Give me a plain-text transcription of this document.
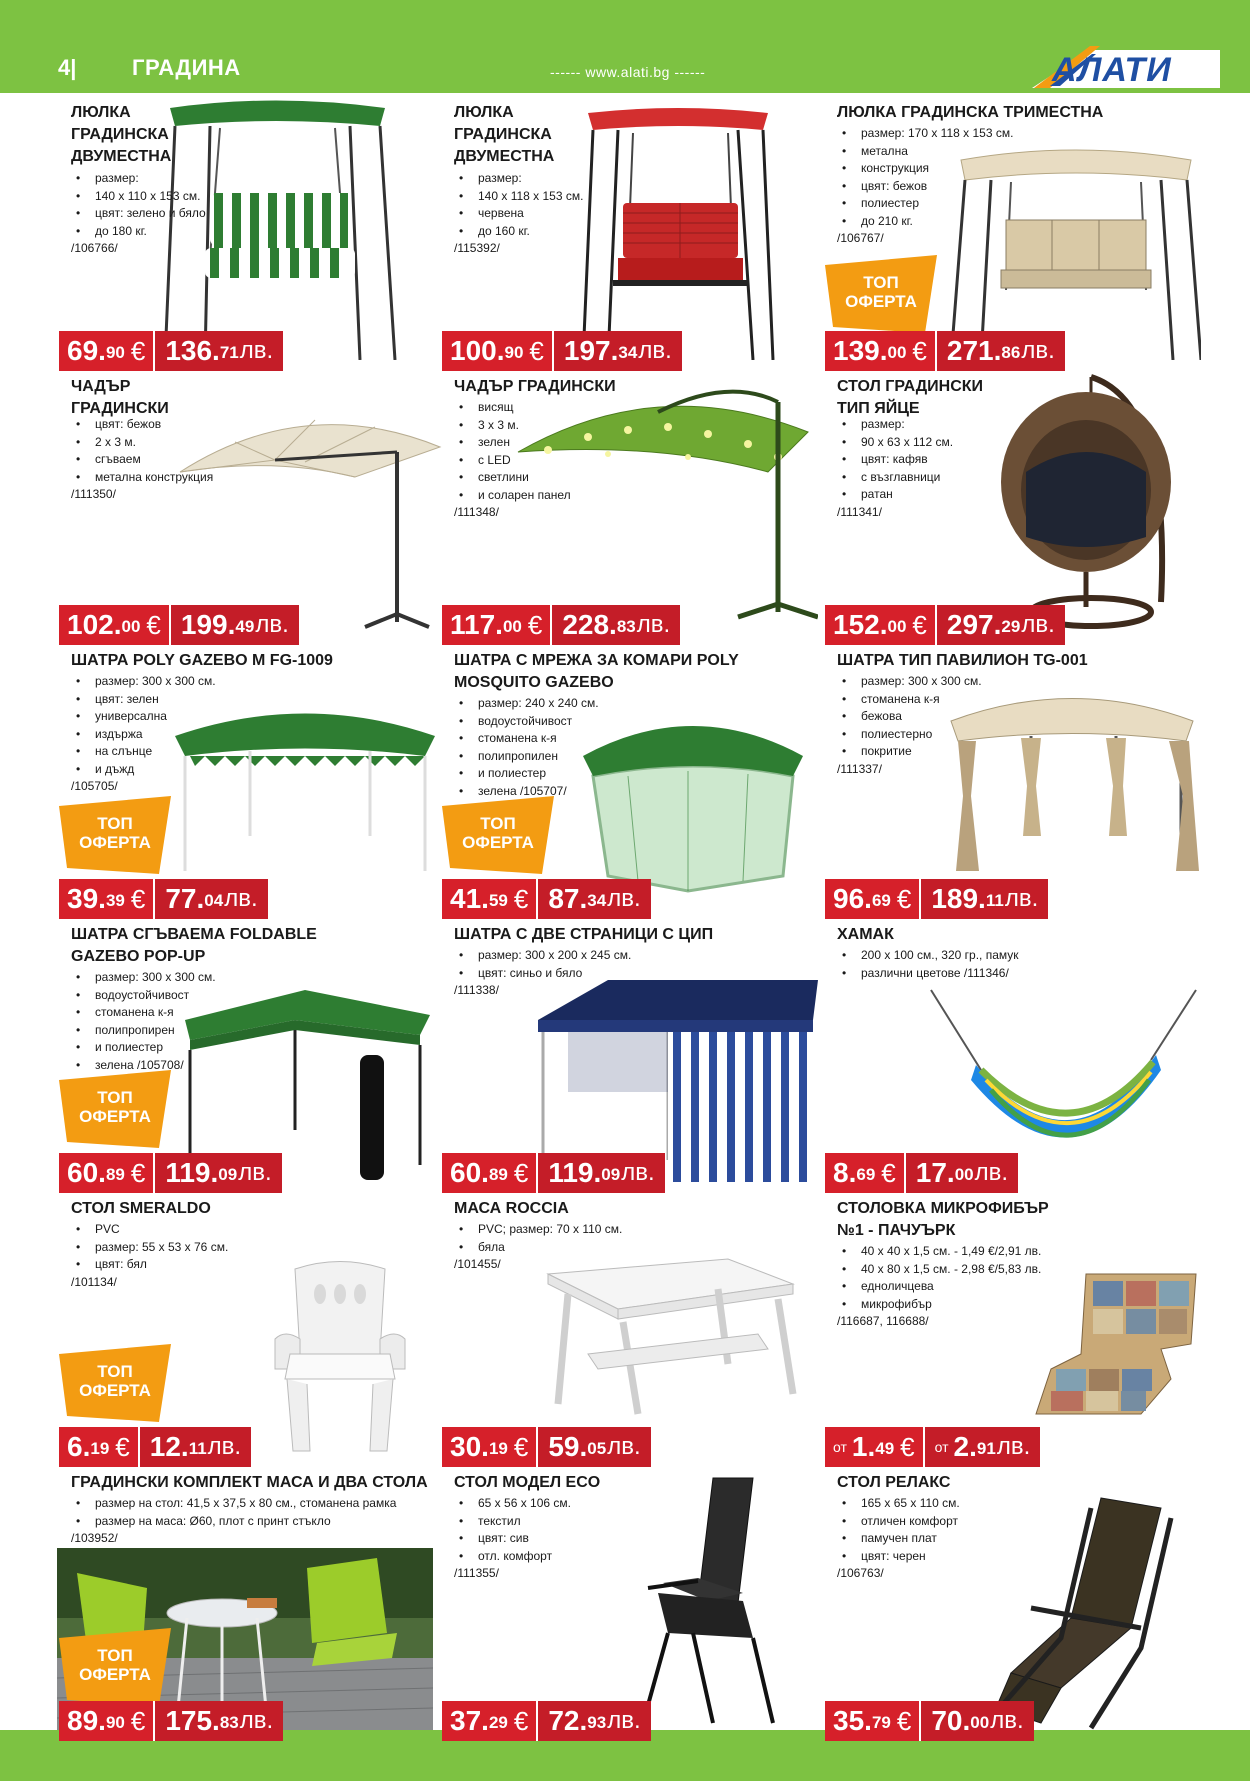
4|	ГРАДИНА	------ www.alati.bg ------	АЛАТИ
ЛЮЛКА
ГРАДИНСКА
ДВУМЕСТНА
• размер:
• 140 x 110 x 153 см.
• цвят: зелено и бяло
• до 180 кг.
/106766/
69.90 € 136.71 лв.
ЛЮЛКА
ГРАДИНСКА
ДВУМЕСТНА
• размер:
• 140 x 118 x 153 см.
• червена
• до 160 кг.
/115392/
100.90 € 197.34 лв.
ЛЮЛКА ГРАДИНСКА ТРИМЕСТНА
• размер: 170 x 118 x 153 см.
• метална
• конструкция
• цвят: бежов
• полиестер
• до 210 кг.
/106767/
ТОП
ОФЕРТА
139.00 € 271.86 лв.
ЧАДЪР
ГРАДИНСКИ
• цвят: бежов
• 2 x 3 м.
• сгъваем
• метална конструкция
/111350/
102.00 € 199.49 лв.
ЧАДЪР ГРАДИНСКИ
• висящ
• 3 x 3 м.
• зелен
• с LED
• светлини
• и соларен панел
/111348/
117.00 € 228.83 лв.
СТОЛ ГРАДИНСКИ
ТИП ЯЙЦЕ
• размер:
• 90 x 63 x 112 см.
• цвят: кафяв
• с възглавници
• ратан
/111341/
152.00 € 297.29 лв.
ШАТРА POLY GAZEBO M FG-1009
• размер: 300 x 300 см.
• цвят: зелен
• универсална
• издържа
• на слънце
• и дъжд
/105705/
ТОП
ОФЕРТА
39.39 € 77.04 лв.
ШАТРА С МРЕЖА ЗА КОМАРИ POLY
MOSQUITO GAZEBO
• размер: 240 x 240 см.
• водоустойчивост
• стоманена к-я
• полипропилен
• и полиестер
• зелена /105707/
ТОП
ОФЕРТА
41.59 € 87.34 лв.
ШАТРА ТИП ПАВИЛИОН TG-001
• размер: 300 x 300 см.
• стоманена к-я
• бежова
• полиестерно
• покритие
/111337/
96.69 € 189.11 лв.
ШАТРА СГЪВАЕМА FOLDABLE
GAZEBO POP-UP
• размер: 300 x 300 см.
• водоустойчивост
• стоманена к-я
• полипропирен
• и полиестер
• зелена /105708/
ТОП
ОФЕРТА
60.89 € 119.09 лв.
ШАТРА С ДВЕ СТРАНИЦИ С ЦИП
• размер: 300 x 200 x 245 см.
• цвят: синьо и бяло
/111338/
60.89 € 119.09 лв.
ХАМАК
• 200 x 100 см., 320 гр., памук
• различни цветове /111346/
8.69 € 17.00 лв.
СТОЛ SMERALDO
• PVC
• размер: 55 x 53 x 76 см.
• цвят: бял
/101134/
ТОП
ОФЕРТА
6.19 € 12.11 лв.
МАСА ROCCIA
• PVC; размер: 70 x 110 см.
• бяла
/101455/
30.19 € 59.05 лв.
СТОЛОВКА МИКРОФИБЪР
№1 - ПАЧУЪРК
• 40 x 40 x 1,5 см. - 1,49 €/2,91 лв.
• 40 x 80 x 1,5 см. - 2,98 €/5,83 лв.
• едноличцева
• микрофибър
/116687, 116688/
от 1.49 € от 2.91 лв.
ГРАДИНСКИ КОМПЛЕКТ МАСА И ДВА СТОЛА
• размер на стол: 41,5 x 37,5 x 80 см., стоманена рамка
• размер на маса: Ø60, плот с принт стъкло
/103952/
ТОП
ОФЕРТА
89.90 € 175.83 лв.
СТОЛ МОДЕЛ ECO
• 65 x 56 x 106 см.
• текстил
• цвят: сив
• отл. комфорт
/111355/
37.29 € 72.93 лв.
СТОЛ РЕЛАКС
• 165 x 65 x 110 см.
• отличен комфорт
• памучен плат
• цвят: черен
/106763/
35.79 € 70.00 лв.
